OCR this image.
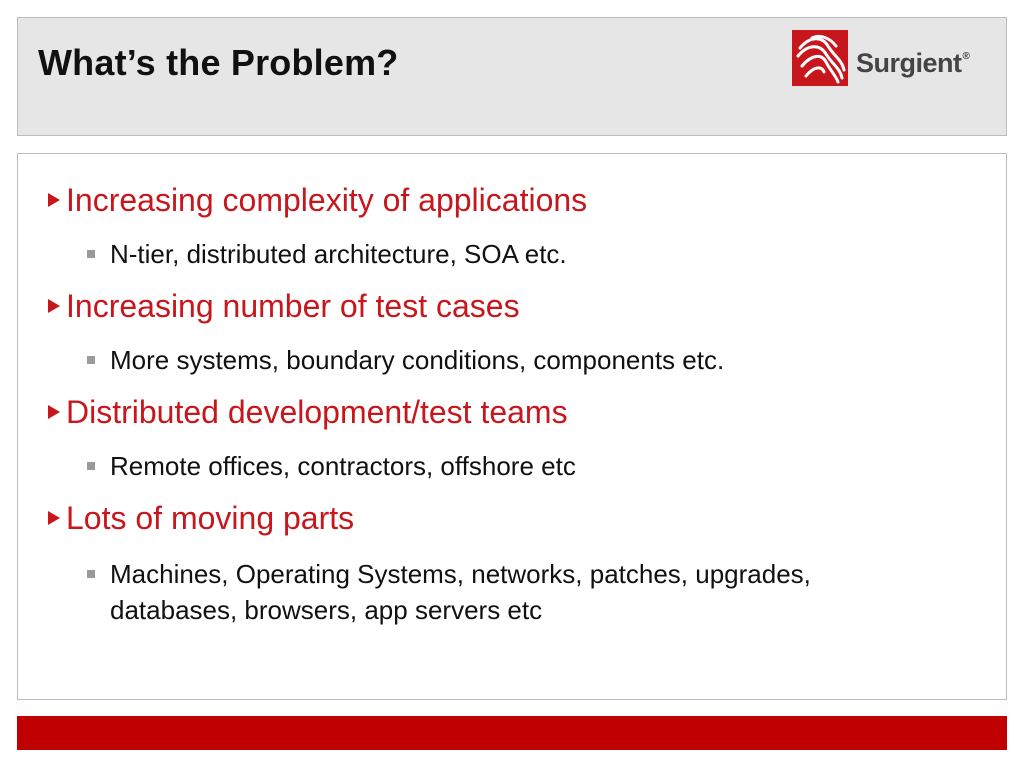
What’s the Problem?	Surgient®
Increasing complexity of applications
N-tier, distributed architecture, SOA etc.
Increasing number of test cases
More systems, boundary conditions, components etc.
Distributed development/test teams
Remote offices, contractors, offshore etc
Lots of moving parts
Machines, Operating Systems, networks, patches, upgrades, databases, browsers, app servers etc
